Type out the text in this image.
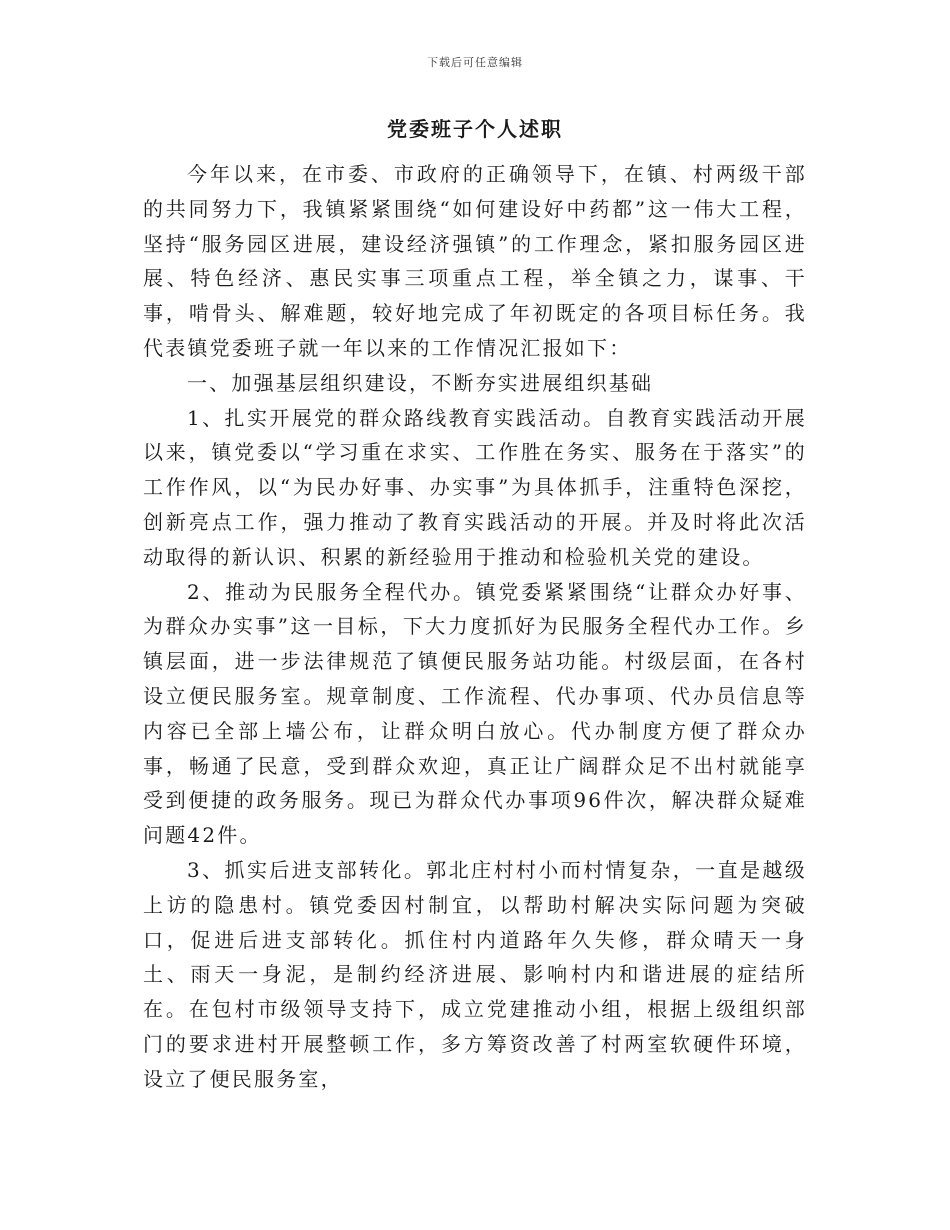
下载后可任意编辑
党委班子个人述职

今年以来，在市委、市政府的正确领导下，在镇、村两级干部的共同努力下，我镇紧紧围绕“如何建设好中药都”这一伟大工程，坚持“服务园区进展，建设经济强镇”的工作理念，紧扣服务园区进展、特色经济、惠民实事三项重点工程，举全镇之力，谋事、干事，啃骨头、解难题，较好地完成了年初既定的各项目标任务。我代表镇党委班子就一年以来的工作情况汇报如下：

一、加强基层组织建设，不断夯实进展组织基础

1、扎实开展党的群众路线教育实践活动。自教育实践活动开展以来，镇党委以“学习重在求实、工作胜在务实、服务在于落实”的工作作风，以“为民办好事、办实事”为具体抓手，注重特色深挖，创新亮点工作，强力推动了教育实践活动的开展。并及时将此次活动取得的新认识、积累的新经验用于推动和检验机关党的建设。

2、推动为民服务全程代办。镇党委紧紧围绕“让群众办好事、为群众办实事”这一目标，下大力度抓好为民服务全程代办工作。乡镇层面，进一步法律规范了镇便民服务站功能。村级层面，在各村设立便民服务室。规章制度、工作流程、代办事项、代办员信息等内容已全部上墙公布，让群众明白放心。代办制度方便了群众办事，畅通了民意，受到群众欢迎，真正让广阔群众足不出村就能享受到便捷的政务服务。现已为群众代办事项96件次，解决群众疑难问题42件。

3、抓实后进支部转化。郭北庄村村小而村情复杂，一直是越级上访的隐患村。镇党委因村制宜，以帮助村解决实际问题为突破口，促进后进支部转化。抓住村内道路年久失修，群众晴天一身土、雨天一身泥，是制约经济进展、影响村内和谐进展的症结所在。在包村市级领导支持下，成立党建推动小组，根据上级组织部门的要求进村开展整顿工作，多方筹资改善了村两室软硬件环境，设立了便民服务室，
